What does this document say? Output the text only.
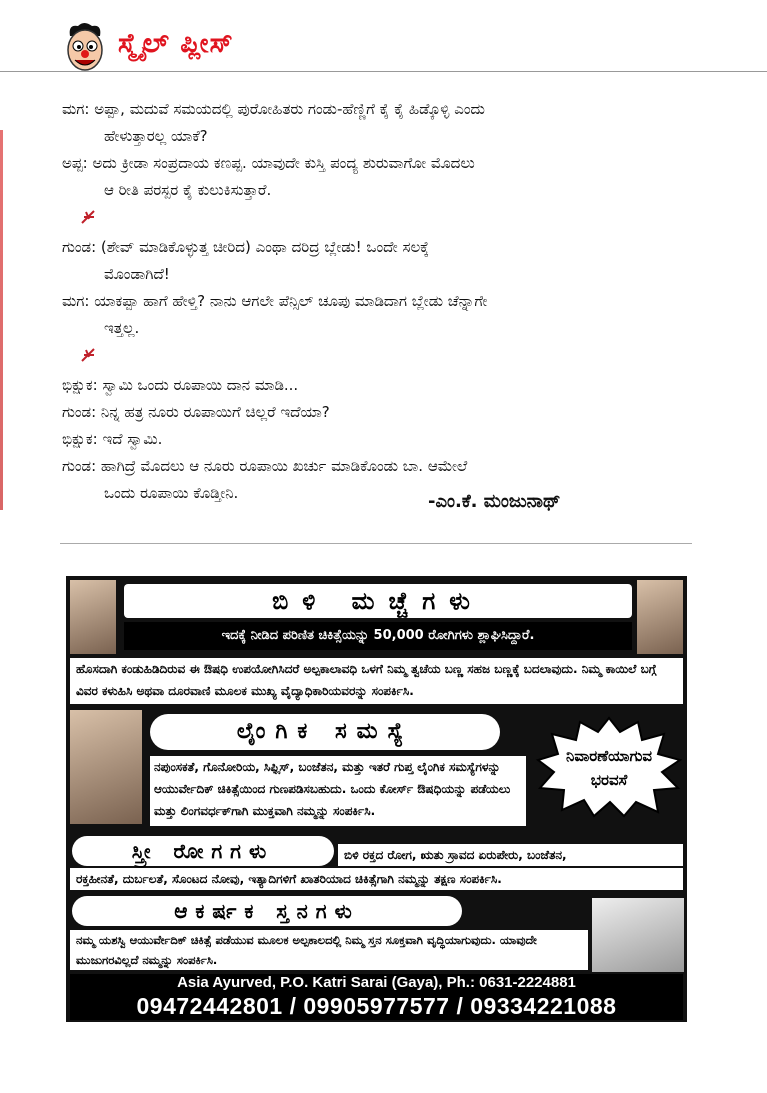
ಸ್ಮೈಲ್ ಪ್ಲೀಸ್
ಮಗ: ಅಪ್ಪಾ, ಮದುವೆ ಸಮಯದಲ್ಲಿ ಪುರೋಹಿತರು ಗಂಡು-ಹೆಣ್ಣಿಗೆ ಕೈ ಕೈ ಹಿಡ್ಕೊಳ್ಳಿ ಎಂದು
ಹೇಳುತ್ತಾರಲ್ಲ ಯಾಕೆ?
ಅಪ್ಪ: ಅದು ಕ್ರೀಡಾ ಸಂಪ್ರದಾಯ ಕಣಪ್ಪ. ಯಾವುದೇ ಕುಸ್ತಿ ಪಂದ್ಯ ಶುರುವಾಗೋ ಮೊದಲು
ಆ ರೀತಿ ಪರಸ್ಪರ ಕೈ ಕುಲುಕಿಸುತ್ತಾರೆ.
ಗುಂಡ: (ಶೇವ್ ಮಾಡಿಕೊಳ್ಳುತ್ತ ಚೀರಿದ) ಎಂಥಾ ದರಿದ್ರ ಬ್ಲೇಡು! ಒಂದೇ ಸಲಕ್ಕೆ
ಮೊಂಡಾಗಿದೆ!
ಮಗ: ಯಾಕಪ್ಪಾ ಹಾಗೆ ಹೇಳ್ತಿ? ನಾನು ಆಗಲೇ ಪೆನ್ಸಿಲ್ ಚೂಪು ಮಾಡಿದಾಗ ಬ್ಲೇಡು ಚೆನ್ನಾಗೇ
ಇತ್ತಲ್ಲ.
ಭಿಕ್ಷುಕ: ಸ್ವಾಮಿ ಒಂದು ರೂಪಾಯಿ ದಾನ ಮಾಡಿ...
ಗುಂಡ: ನಿನ್ನ ಹತ್ರ ನೂರು ರೂಪಾಯಿಗೆ ಚಿಲ್ಲರೆ ಇದೆಯಾ?
ಭಿಕ್ಷುಕ: ಇದೆ ಸ್ವಾಮಿ.
ಗುಂಡ: ಹಾಗಿದ್ರೆ ಮೊದಲು ಆ ನೂರು ರೂಪಾಯಿ ಖರ್ಚು ಮಾಡಿಕೊಂಡು ಬಾ. ಆಮೇಲೆ
ಒಂದು ರೂಪಾಯಿ ಕೊಡ್ತೀನಿ.	-ಎಂ.ಕೆ. ಮಂಜುನಾಥ್
ಬಿಳಿ ಮಚ್ಚೆಗಳು
ಇದಕ್ಕೆ ನೀಡಿದ ಪರಿಣಿತ ಚಿಕಿತ್ಸೆಯನ್ನು 50,000 ರೋಗಿಗಳು ಶ್ಲಾಘಿಸಿದ್ದಾರೆ.
ಹೊಸದಾಗಿ ಕಂಡುಹಿಡಿದಿರುವ ಈ ಔಷಧಿ ಉಪಯೋಗಿಸಿದರೆ ಅಲ್ಪಕಾಲಾವಧಿ ಒಳಗೆ ನಿಮ್ಮ ತ್ವಚೆಯ ಬಣ್ಣ ಸಹಜ ಬಣ್ಣಕ್ಕೆ ಬದಲಾವುದು. ನಿಮ್ಮ ಕಾಯಿಲೆ ಬಗ್ಗೆ ವಿವರ ಕಳುಹಿಸಿ ಅಥವಾ ದೂರವಾಣಿ ಮೂಲಕ ಮುಖ್ಯ ವೈದ್ಯಾಧಿಕಾರಿಯವರನ್ನು ಸಂಪರ್ಕಿಸಿ.
ಲೈಂಗಿಕ ಸಮಸ್ಯೆ
ನಪುಂಸಕತೆ, ಗೊನೋರಿಯ, ಸಿಫ್ಲಿಸ್, ಬಂಜೆತನ, ಮತ್ತು ಇತರೆ ಗುಪ್ತ ಲೈಂಗಿಕ ಸಮಸ್ಯೆಗಳನ್ನು ಆಯುರ್ವೇದಿಕ್ ಚಿಕಿತ್ಸೆಯಿಂದ ಗುಣಪಡಿಸಬಹುದು. ಒಂದು ಕೋರ್ಸ್ ಔಷಧಿಯನ್ನು ಪಡೆಯಲು ಮತ್ತು ಲಿಂಗವರ್ಧಕ್‌ಗಾಗಿ ಮುಕ್ತವಾಗಿ ನಮ್ಮನ್ನು ಸಂಪರ್ಕಿಸಿ.
ನಿವಾರಣೆಯಾಗುವ
ಭರವಸೆ
ಸ್ತ್ರೀ ರೋಗಗಳು	ಬಿಳಿ ರಕ್ತದ ರೋಗ, ಋತು ಸ್ರಾವದ ಏರುಪೇರು, ಬಂಜೆತನ,
ರಕ್ತಹೀನತೆ, ದುರ್ಬಲತೆ, ಸೊಂಟದ ನೋವು, ಇತ್ಯಾದಿಗಳಿಗೆ ಖಾತರಿಯಾದ ಚಿಕಿತ್ಸೆಗಾಗಿ ನಮ್ಮನ್ನು ತಕ್ಷಣ ಸಂಪರ್ಕಿಸಿ.
ಆಕರ್ಷಕ ಸ್ತನಗಳು
ನಮ್ಮ ಯಶಸ್ವಿ ಆಯುರ್ವೇದಿಕ್ ಚಿಕಿತ್ಸೆ ಪಡೆಯುವ ಮೂಲಕ ಅಲ್ಪಕಾಲದಲ್ಲಿ ನಿಮ್ಮ ಸ್ತನ ಸೂಕ್ತವಾಗಿ ವೃದ್ಧಿಯಾಗುವುದು. ಯಾವುದೇ ಮುಜುಗರವಿಲ್ಲದೆ ನಮ್ಮನ್ನು ಸಂಪರ್ಕಿಸಿ.
Asia Ayurved, P.O. Katri Sarai (Gaya), Ph.: 0631-2224881
09472442801 / 09905977577 / 09334221088
